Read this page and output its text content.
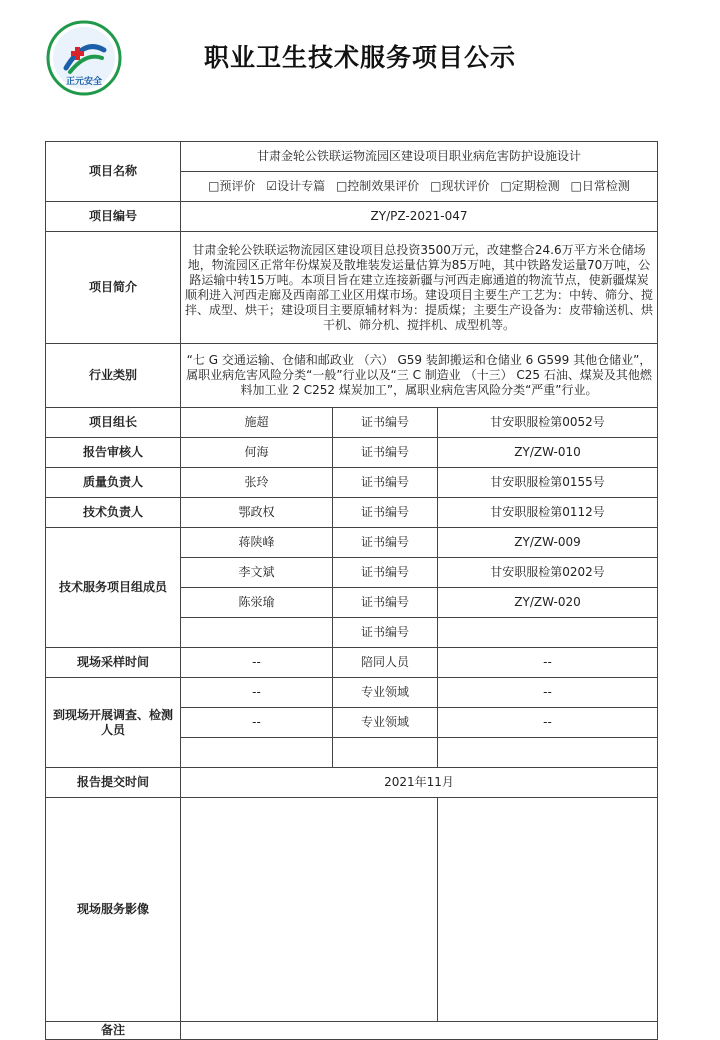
正元安全
职业卫生技术服务项目公示
项目名称	甘肃金轮公铁联运物流园区建设项目职业病危害防护设施设计		
	□预评价 ☑设计专篇 □控制效果评价 □现状评价 □定期检测 □日常检测		
项目编号	ZY/PZ-2021-047		
项目简介	甘肃金轮公铁联运物流园区建设项目总投资3500万元，改建整合24.6万平方米仓储场地，物流园区正常年份煤炭及散堆装发运量估算为85万吨，其中铁路发运量70万吨，公路运输中转15万吨。本项目旨在建立连接新疆与河西走廊通道的物流节点，使新疆煤炭顺利进入河西走廊及西南部工业区用煤市场。建设项目主要生产工艺为：中转、筛分、搅拌、成型、烘干；建设项目主要原辅材料为：提质煤；主要生产设备为：皮带输送机、烘干机、筛分机、搅拌机、成型机等。		
行业类别	“七 G 交通运输、仓储和邮政业 （六） G59 装卸搬运和仓储业 6 G599 其他仓储业”，属职业病危害风险分类“一般”行业以及“三 C 制造业 （十三） C25 石油、煤炭及其他燃料加工业 2 C252 煤炭加工”，属职业病危害风险分类“严重”行业。		
项目组长	施超	证书编号	甘安职服检第0052号
报告审核人	何海	证书编号	ZY/ZW-010
质量负责人	张玲	证书编号	甘安职服检第0155号
技术负责人	鄂政权	证书编号	甘安职服检第0112号
技术服务项目组成员	蒋陕峰	证书编号	ZY/ZW-009
	李文斌	证书编号	甘安职服检第0202号
	陈泶瑜	证书编号	ZY/ZW-020
		证书编号	
现场采样时间	--	陪同人员	--
到现场开展调查、检测人员	--	专业领域	--
	--	专业领域	--

报告提交时间	2021年11月		
现场服务影像			
备注			
